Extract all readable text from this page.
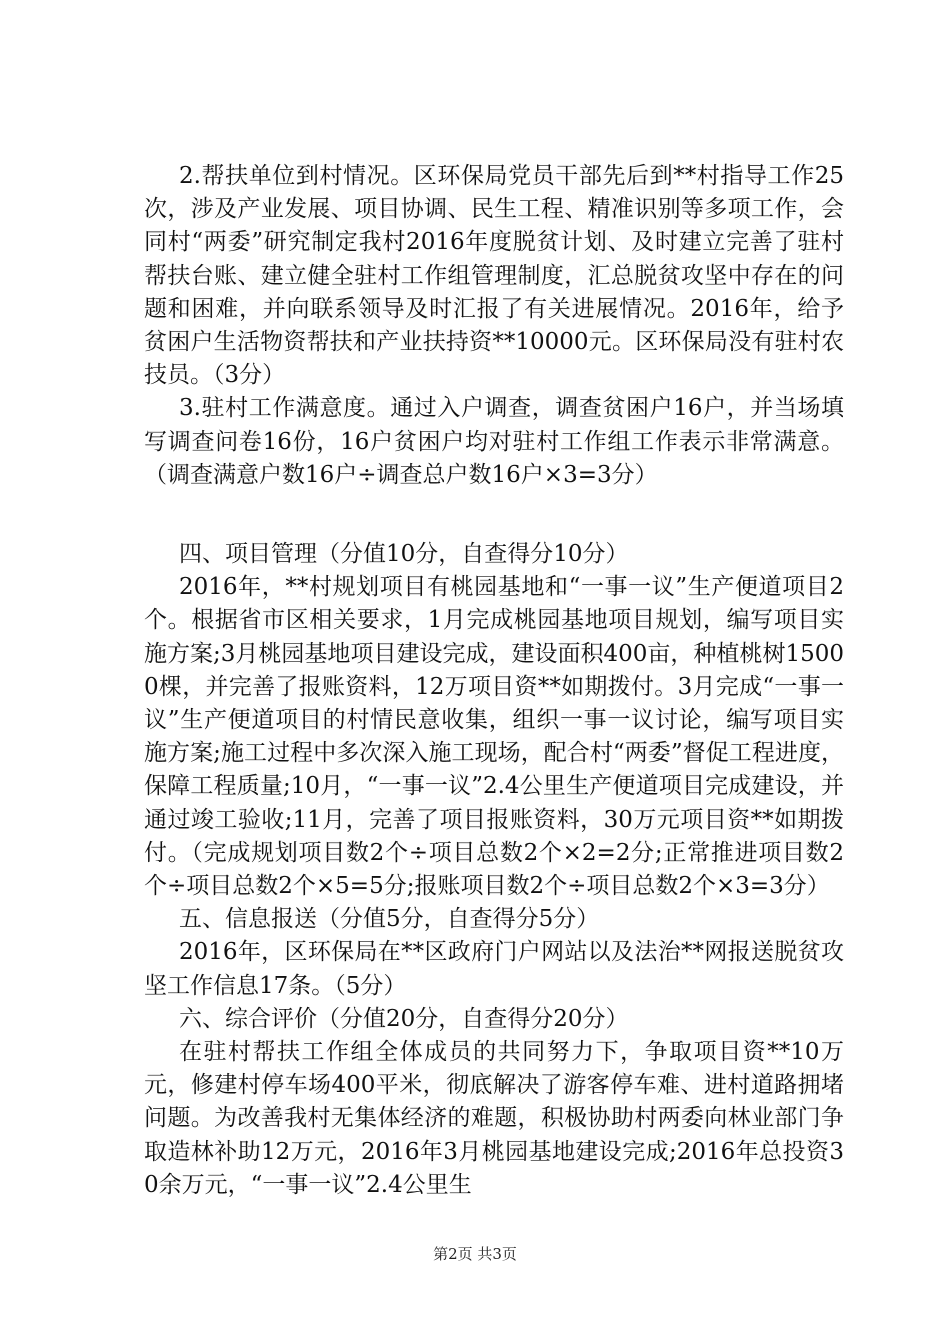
2.帮扶单位到村情况。区环保局党员干部先后到**村指导工作25次，涉及产业发展、项目协调、民生工程、精准识别等多项工作，会同村“两委”研究制定我村2016年度脱贫计划、及时建立完善了驻村帮扶台账、建立健全驻村工作组管理制度，汇总脱贫攻坚中存在的问题和困难，并向联系领导及时汇报了有关进展情况。2016年，给予贫困户生活物资帮扶和产业扶持资**10000元。区环保局没有驻村农技员。（3分）

3.驻村工作满意度。通过入户调查，调查贫困户16户，并当场填写调查问卷16份，16户贫困户均对驻村工作组工作表示非常满意。（调查满意户数16户÷调查总户数16户×3=3分）

四、项目管理（分值10分，自查得分10分）

2016年，**村规划项目有桃园基地和“一事一议”生产便道项目2个。根据省市区相关要求，1月完成桃园基地项目规划，编写项目实施方案;3月桃园基地项目建设完成，建设面积400亩，种植桃树15000棵，并完善了报账资料，12万项目资**如期拨付。3月完成“一事一议”生产便道项目的村情民意收集，组织一事一议讨论，编写项目实施方案;施工过程中多次深入施工现场，配合村“两委”督促工程进度，保障工程质量;10月，“一事一议”2.4公里生产便道项目完成建设，并通过竣工验收;11月，完善了项目报账资料，30万元项目资**如期拨付。（完成规划项目数2个÷项目总数2个×2=2分;正常推进项目数2个÷项目总数2个×5=5分;报账项目数2个÷项目总数2个×3=3分）

五、信息报送（分值5分，自查得分5分）

2016年，区环保局在**区政府门户网站以及法治**网报送脱贫攻坚工作信息17条。（5分）

六、综合评价（分值20分，自查得分20分）

在驻村帮扶工作组全体成员的共同努力下，争取项目资**10万元，修建村停车场400平米，彻底解决了游客停车难、进村道路拥堵问题。为改善我村无集体经济的难题，积极协助村两委向林业部门争取造林补助12万元，2016年3月桃园基地建设完成;2016年总投资30余万元，“一事一议”2.4公里生

第2页 共3页
